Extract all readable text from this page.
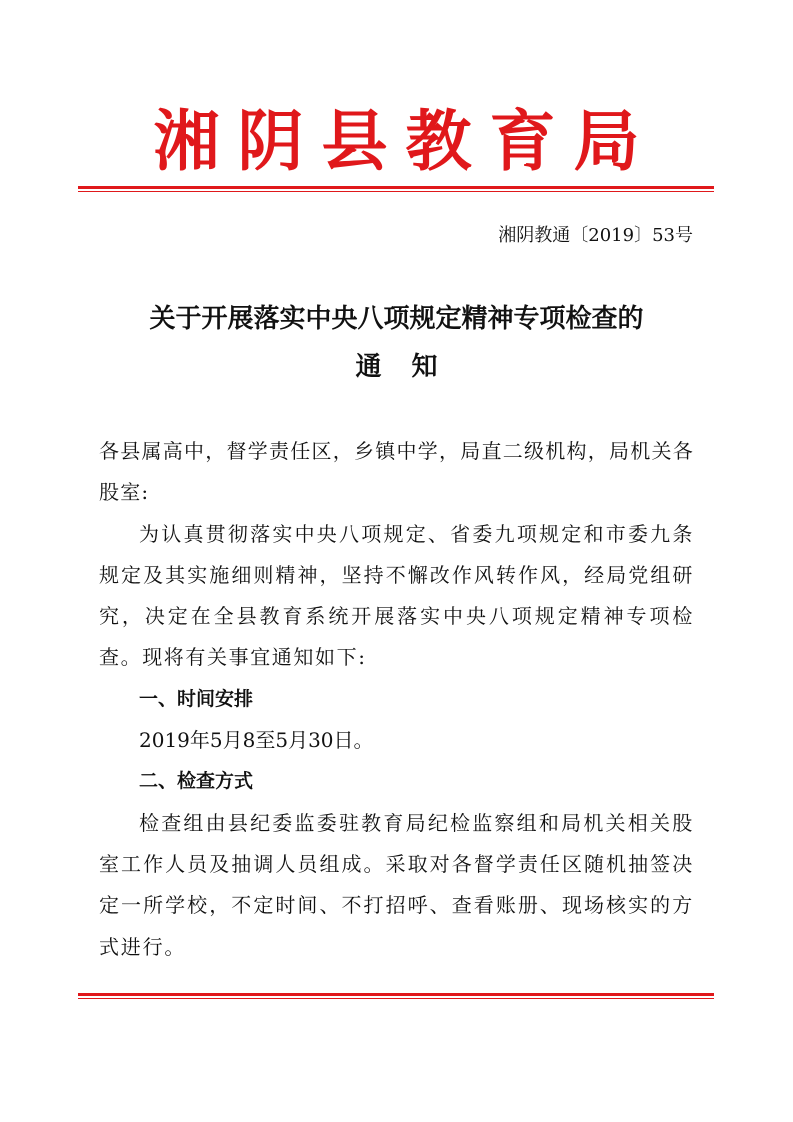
湘阴县教育局
湘阴教通〔2019〕53号
关于开展落实中央八项规定精神专项检查的
通知

各县属高中，督学责任区，乡镇中学，局直二级机构，局机关各股室:

为认真贯彻落实中央八项规定、省委九项规定和市委九条规定及其实施细则精神，坚持不懈改作风转作风，经局党组研究，决定在全县教育系统开展落实中央八项规定精神专项检查。现将有关事宜通知如下:

一、时间安排

2019年5月8至5月30日。

二、检查方式

检查组由县纪委监委驻教育局纪检监察组和局机关相关股室工作人员及抽调人员组成。采取对各督学责任区随机抽签决定一所学校，不定时间、不打招呼、查看账册、现场核实的方式进行。
